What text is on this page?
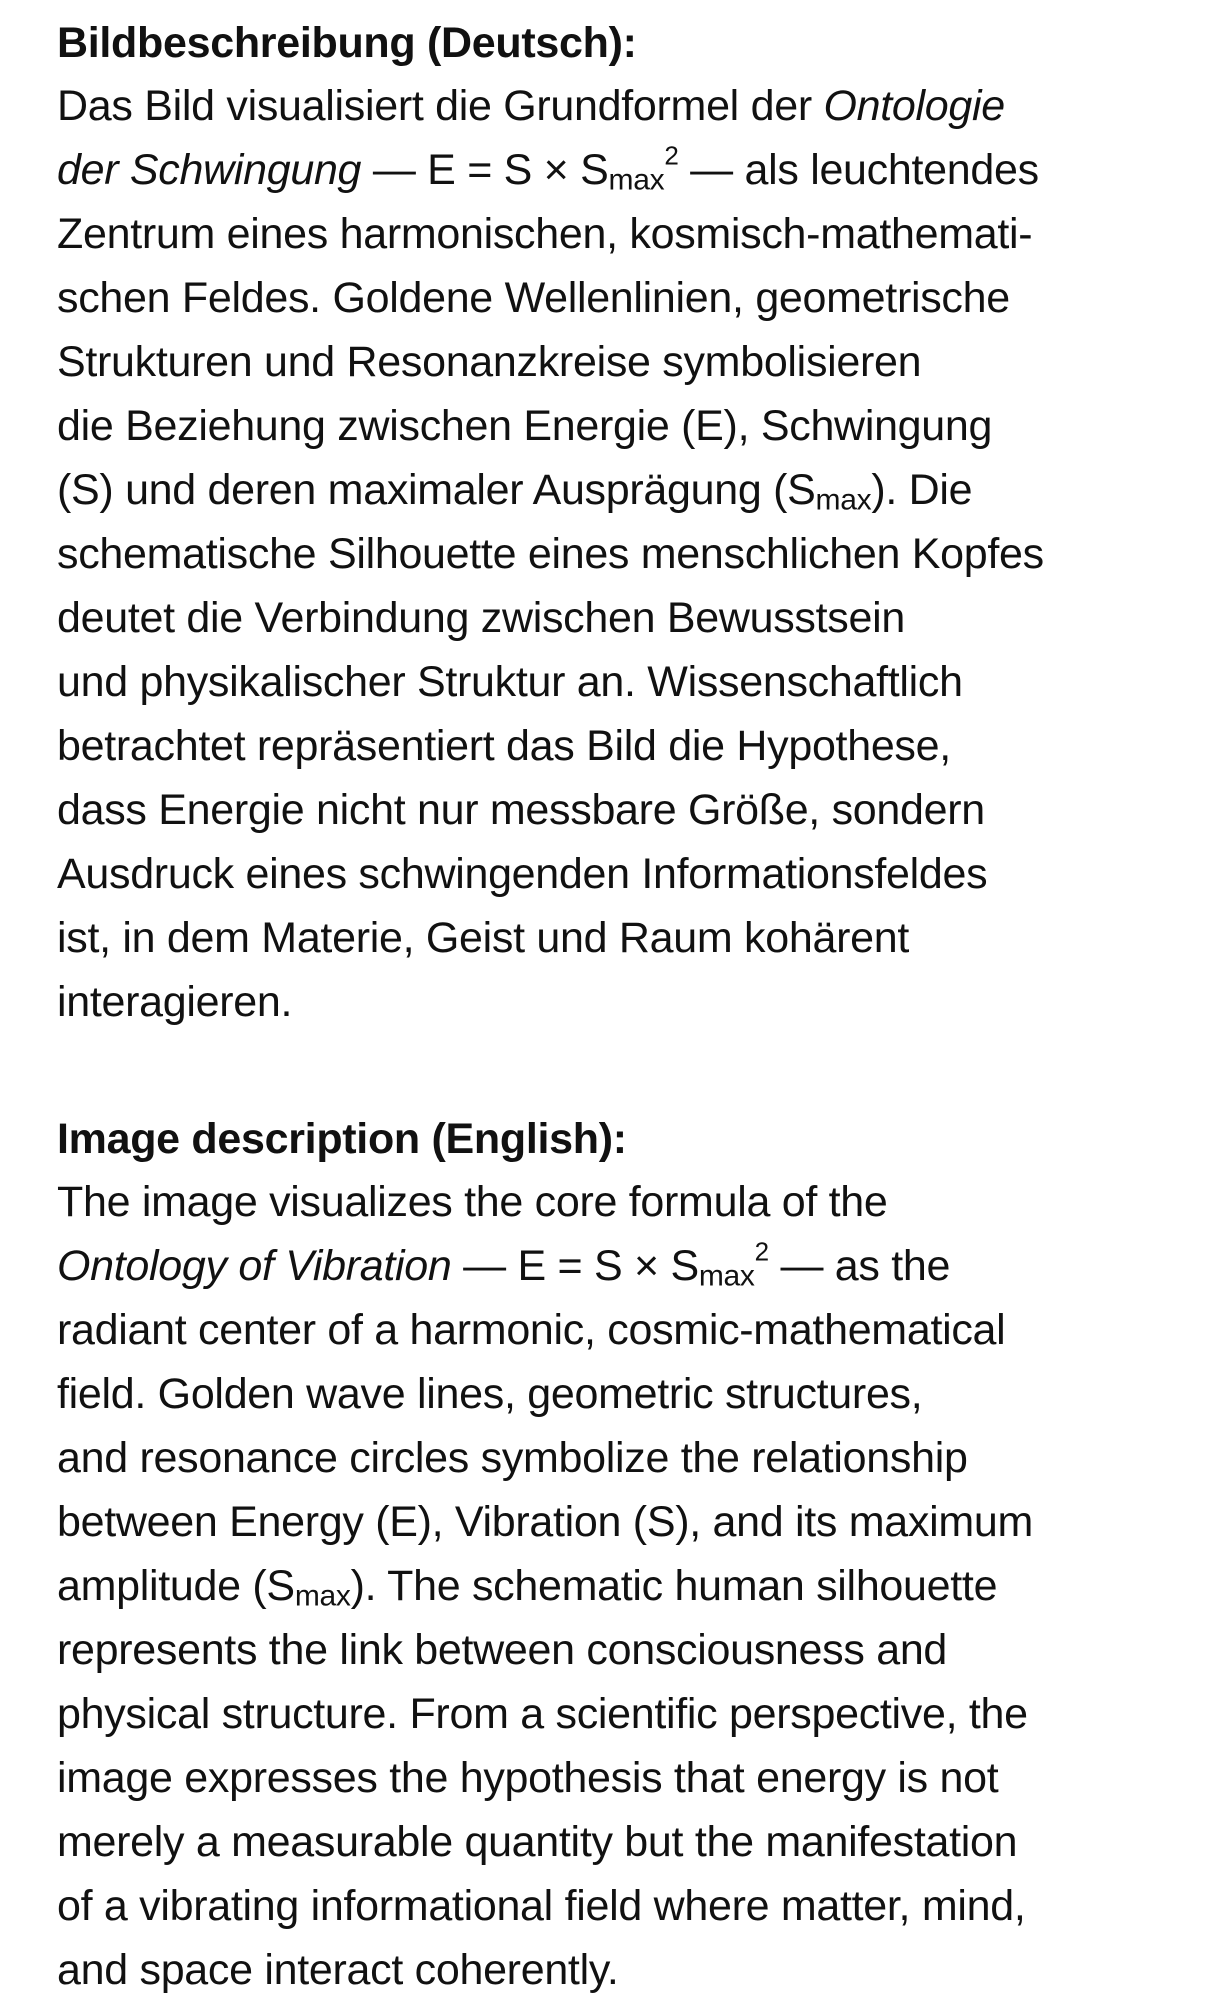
Bildbeschreibung (Deutsch):

Das Bild visualisiert die Grundformel der Ontologie
der Schwingung — E = S × Smax$^2$ — als leuchtendes
Zentrum eines harmonischen, kosmisch-mathemati-
schen Feldes. Goldene Wellenlinien, geometrische
Strukturen und Resonanzkreise symbolisieren
die Beziehung zwischen Energie (E), Schwingung
(S) und deren maximaler Ausprägung (Smax). Die
schematische Silhouette eines menschlichen Kopfes
deutet die Verbindung zwischen Bewusstsein
und physikalischer Struktur an. Wissenschaftlich
betrachtet repräsentiert das Bild die Hypothese,
dass Energie nicht nur messbare Größe, sondern
Ausdruck eines schwingenden Informationsfeldes
ist, in dem Materie, Geist und Raum kohärent
interagieren.

Image description (English):

The image visualizes the core formula of the
Ontology of Vibration — E = S × Smax$^2$ — as the
radiant center of a harmonic, cosmic-mathematical
field. Golden wave lines, geometric structures,
and resonance circles symbolize the relationship
between Energy (E), Vibration (S), and its maximum
amplitude (Smax). The schematic human silhouette
represents the link between consciousness and
physical structure. From a scientific perspective, the
image expresses the hypothesis that energy is not
merely a measurable quantity but the manifestation
of a vibrating informational field where matter, mind,
and space interact coherently.
